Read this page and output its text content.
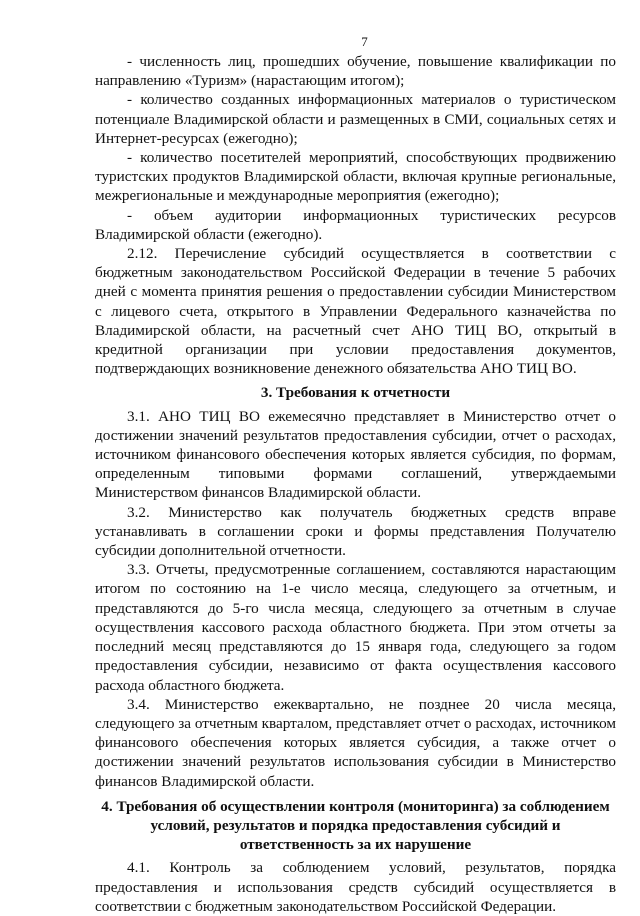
7

- численность лиц, прошедших обучение, повышение квалификации по направлению «Туризм» (нарастающим итогом);

- количество созданных информационных материалов о туристическом потенциале Владимирской области и размещенных в СМИ, социальных сетях и Интернет-ресурсах (ежегодно);

- количество посетителей мероприятий, способствующих продвижению туристских продуктов Владимирской области, включая крупные региональные, межрегиональные и международные мероприятия (ежегодно);

- объем аудитории информационных туристических ресурсов Владимирской области (ежегодно).

2.12. Перечисление субсидий осуществляется в соответствии с бюджетным законодательством Российской Федерации в течение 5 рабочих дней с момента принятия решения о предоставлении субсидии Министерством с лицевого счета, открытого в Управлении Федерального казначейства по Владимирской области, на расчетный счет АНО ТИЦ ВО, открытый в кредитной организации при условии предоставления документов, подтверждающих возникновение денежного обязательства АНО ТИЦ ВО.

3. Требования к отчетности

3.1. АНО ТИЦ ВО ежемесячно представляет в Министерство отчет о достижении значений результатов предоставления субсидии, отчет о расходах, источником финансового обеспечения которых является субсидия, по формам, определенным типовыми формами соглашений, утверждаемыми Министерством финансов Владимирской области.

3.2. Министерство как получатель бюджетных средств вправе устанавливать в соглашении сроки и формы представления Получателю субсидии дополнительной отчетности.

3.3. Отчеты, предусмотренные соглашением, составляются нарастающим итогом по состоянию на 1-е число месяца, следующего за отчетным, и представляются до 5-го числа месяца, следующего за отчетным в случае осуществления кассового расхода областного бюджета. При этом отчеты за последний месяц представляются до 15 января года, следующего за годом предоставления субсидии, независимо от факта осуществления кассового расхода областного бюджета.

3.4. Министерство ежеквартально, не позднее 20 числа месяца, следующего за отчетным кварталом, представляет отчет о расходах, источником финансового обеспечения которых является субсидия, а также отчет о достижении значений результатов использования субсидии в Министерство финансов Владимирской области.

4. Требования об осуществлении контроля (мониторинга) за соблюдением условий, результатов и порядка предоставления субсидий и ответственность за их нарушение

4.1. Контроль за соблюдением условий, результатов, порядка предоставления и использования средств субсидий осуществляется в соответствии с бюджетным законодательством Российской Федерации.
